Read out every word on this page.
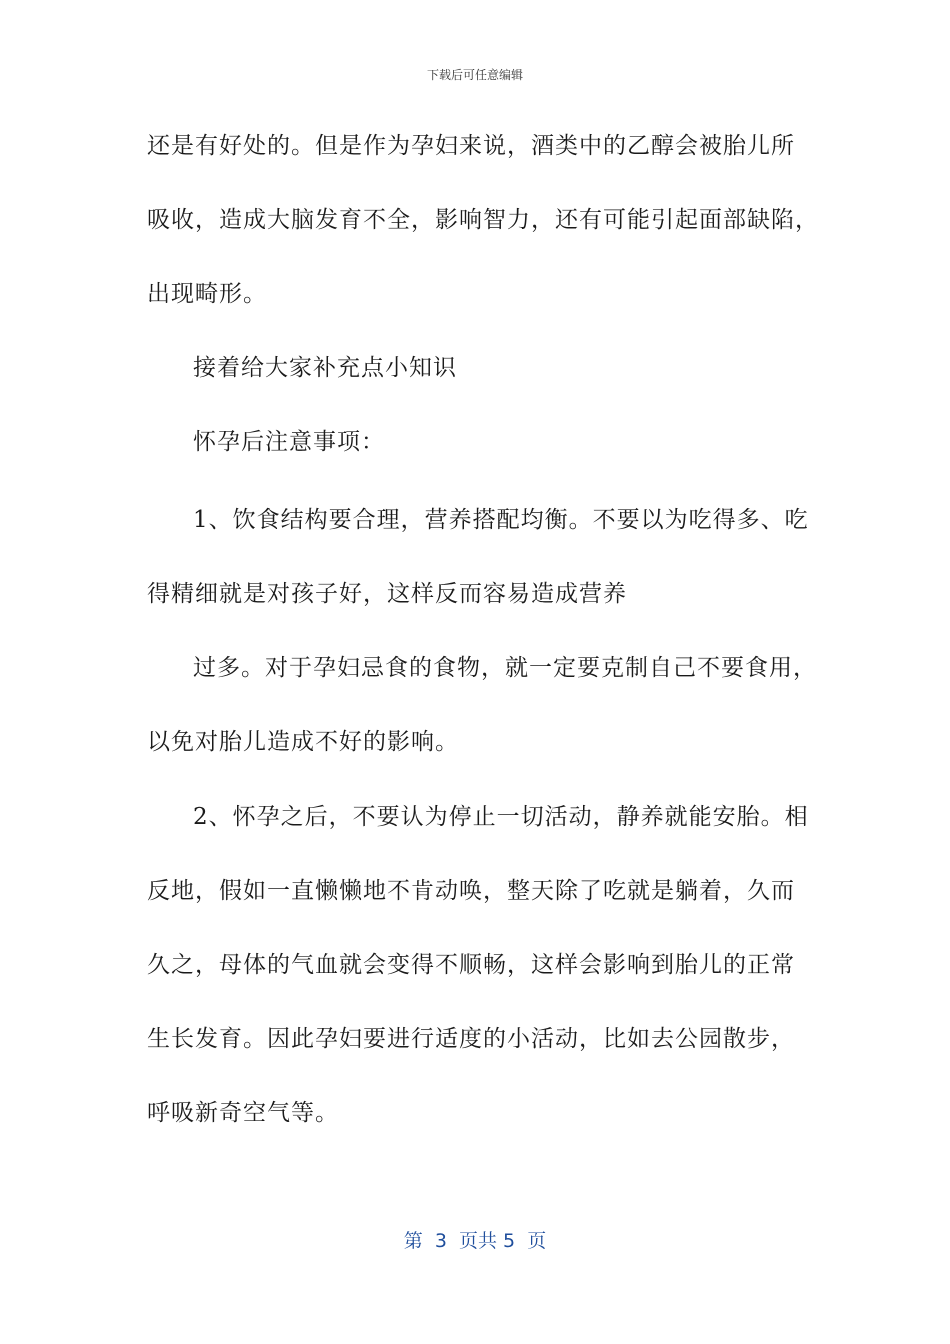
下载后可任意编辑
还是有好处的。但是作为孕妇来说，酒类中的乙醇会被胎儿所
吸收，造成大脑发育不全，影响智力，还有可能引起面部缺陷，
出现畸形。
接着给大家补充点小知识
怀孕后注意事项：
1、饮食结构要合理，营养搭配均衡。不要以为吃得多、吃
得精细就是对孩子好，这样反而容易造成营养
过多。对于孕妇忌食的食物，就一定要克制自己不要食用，
以免对胎儿造成不好的影响。
2、怀孕之后，不要认为停止一切活动，静养就能安胎。相
反地，假如一直懒懒地不肯动唤，整天除了吃就是躺着，久而
久之，母体的气血就会变得不顺畅，这样会影响到胎儿的正常
生长发育。因此孕妇要进行适度的小活动，比如去公园散步，
呼吸新奇空气等。
第  3  页共 5  页
